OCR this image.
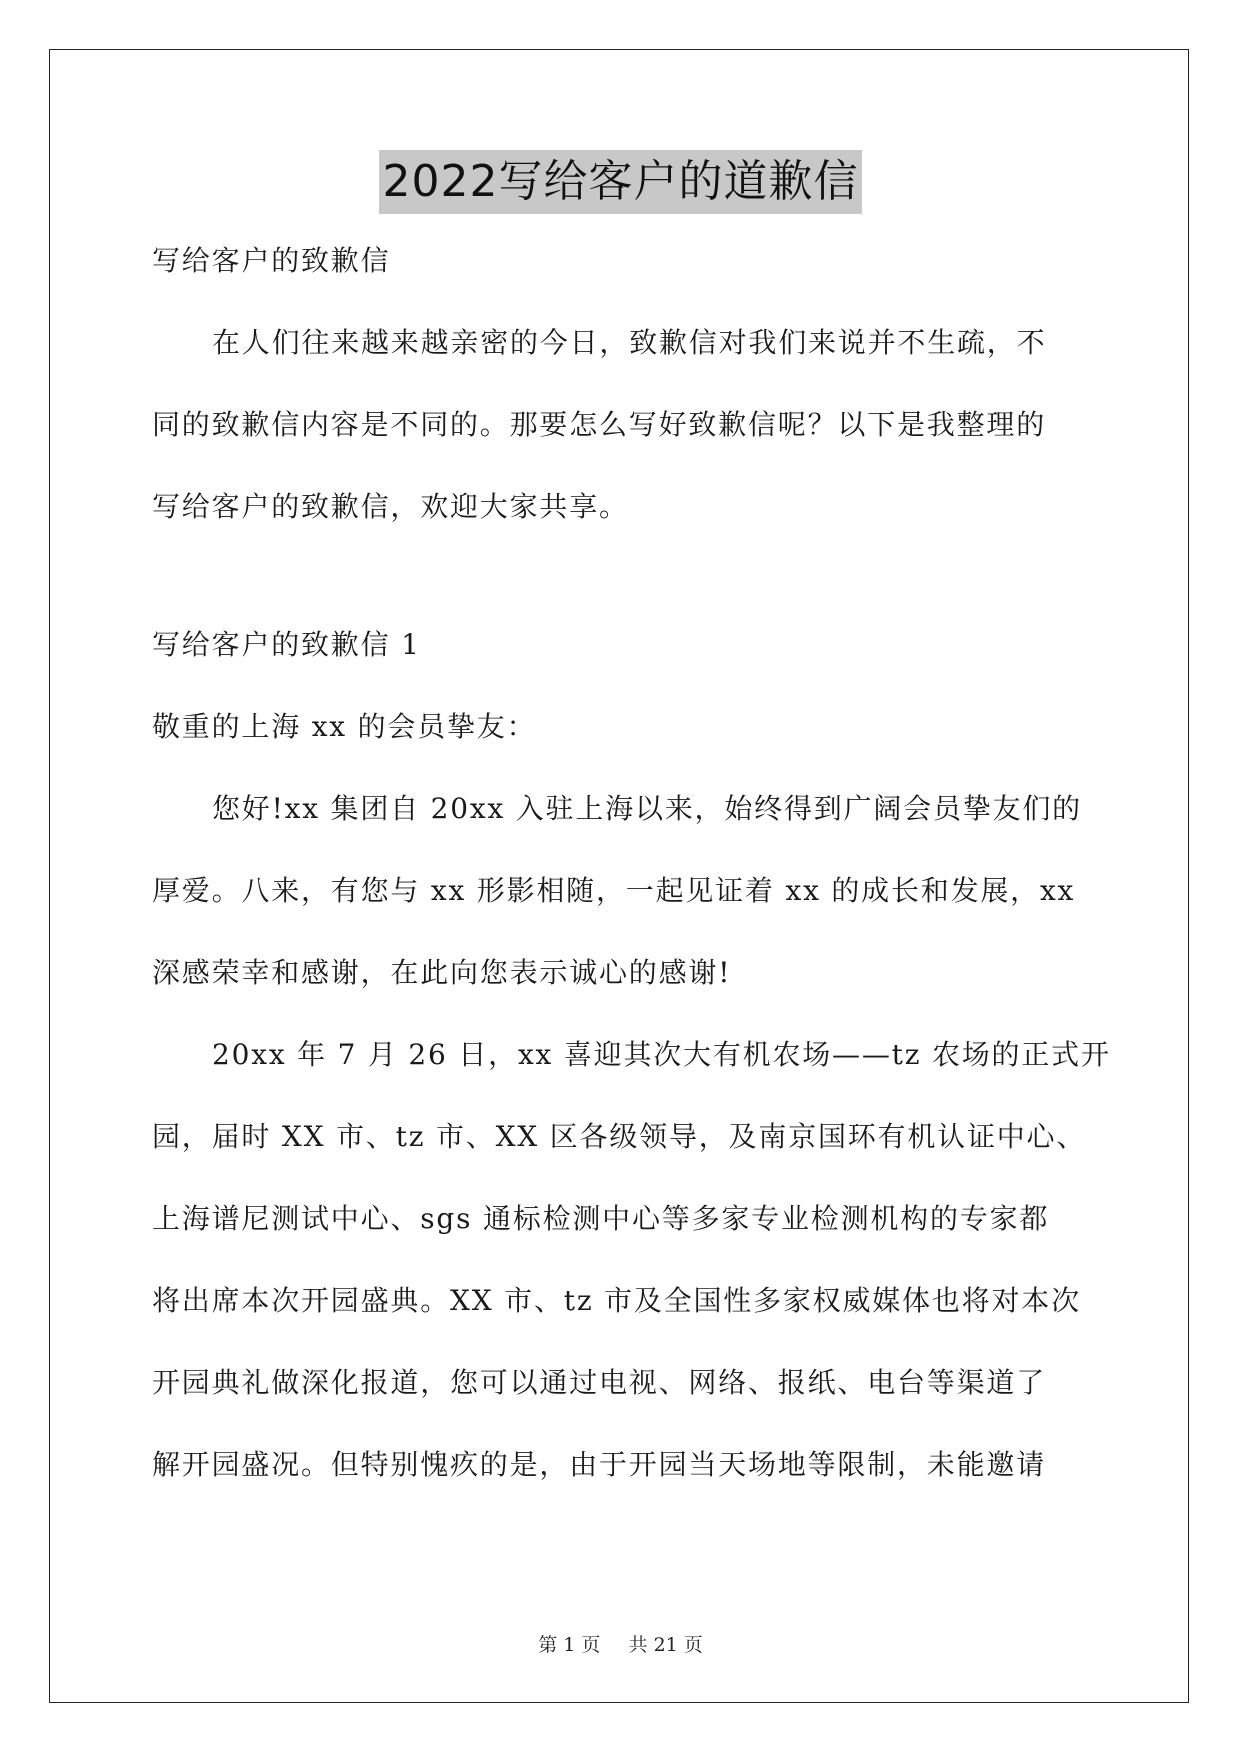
2022写给客户的道歉信
写给客户的致歉信
在人们往来越来越亲密的今日，致歉信对我们来说并不生疏，不
同的致歉信内容是不同的。那要怎么写好致歉信呢？以下是我整理的
写给客户的致歉信，欢迎大家共享。
写给客户的致歉信 1
敬重的上海 xx 的会员挚友：
您好!xx 集团自 20xx 入驻上海以来，始终得到广阔会员挚友们的
厚爱。八来，有您与 xx 形影相随，一起见证着 xx 的成长和发展，xx
深感荣幸和感谢，在此向您表示诚心的感谢!
20xx 年 7 月 26 日，xx 喜迎其次大有机农场——tz 农场的正式开
园，届时 XX 市、tz 市、XX 区各级领导，及南京国环有机认证中心、
上海谱尼测试中心、sgs 通标检测中心等多家专业检测机构的专家都
将出席本次开园盛典。XX 市、tz 市及全国性多家权威媒体也将对本次
开园典礼做深化报道，您可以通过电视、网络、报纸、电台等渠道了
解开园盛况。但特别愧疚的是，由于开园当天场地等限制，未能邀请
第 1 页 共 21 页
